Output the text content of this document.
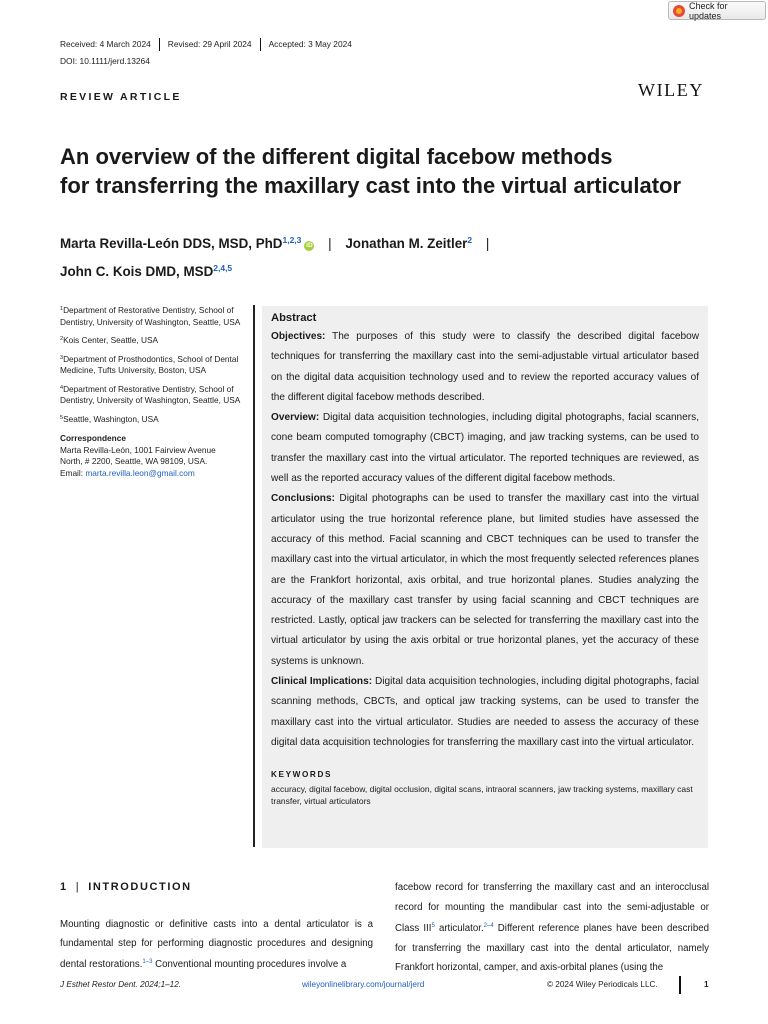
Check for updates
Received: 4 March 2024	Revised: 29 April 2024	Accepted: 3 May 2024
DOI: 10.1111/jerd.13264
REVIEW ARTICLE	WILEY
An overview of the different digital facebow methods
for transferring the maxillary cast into the virtual articulator
Marta Revilla-León DDS, MSD, PhD$^{1,2,3}$iD | Jonathan M. Zeitler$^2$ |
John C. Kois DMD, MSD$^{2,4,5}$

$^1$Department of Restorative Dentistry, School of Dentistry, University of Washington, Seattle, USA

$^2$Kois Center, Seattle, USA

$^3$Department of Prosthodontics, School of Dental Medicine, Tufts University, Boston, USA

$^4$Department of Restorative Dentistry, School of Dentistry, University of Washington, Seattle, USA

$^5$Seattle, Washington, USA

Correspondence
Marta Revilla-León, 1001 Fairview Avenue
North, # 2200, Seattle, WA 98109, USA.
Email: marta.revilla.leon@gmail.com
Abstract

Objectives: The purposes of this study were to classify the described digital facebow techniques for transferring the maxillary cast into the semi-adjustable virtual articulator based on the digital data acquisition technology used and to review the reported accuracy values of the different digital facebow methods described.

Overview: Digital data acquisition technologies, including digital photographs, facial scanners, cone beam computed tomography (CBCT) imaging, and jaw tracking systems, can be used to transfer the maxillary cast into the virtual articulator. The reported techniques are reviewed, as well as the reported accuracy values of the different digital facebow methods.

Conclusions: Digital photographs can be used to transfer the maxillary cast into the virtual articulator using the true horizontal reference plane, but limited studies have assessed the accuracy of this method. Facial scanning and CBCT techniques can be used to transfer the maxillary cast into the virtual articulator, in which the most frequently selected references planes are the Frankfort horizontal, axis orbital, and true horizontal planes. Studies analyzing the accuracy of the maxillary cast transfer by using facial scanning and CBCT techniques are restricted. Lastly, optical jaw trackers can be selected for transferring the maxillary cast into the virtual articulator by using the axis orbital or true horizontal planes, yet the accuracy of these systems is unknown.

Clinical Implications: Digital data acquisition technologies, including digital photographs, facial scanning methods, CBCTs, and optical jaw tracking systems, can be used to transfer the maxillary cast into the virtual articulator. Studies are needed to assess the accuracy of these digital data acquisition technologies for transferring the maxillary cast into the virtual articulator.

KEYWORDS
accuracy, digital facebow, digital occlusion, digital scans, intraoral scanners, jaw tracking systems, maxillary cast transfer, virtual articulators
1 | INTRODUCTION
Mounting diagnostic or definitive casts into a dental articulator is a fundamental step for performing diagnostic procedures and designing dental restorations.$^{1-3}$ Conventional mounting procedures involve a
facebow record for transferring the maxillary cast and an interocclusal record for mounting the mandibular cast into the semi-adjustable or Class III$^5$ articulator.$^{2-4}$ Different reference planes have been described for transferring the maxillary cast into the dental articulator, namely Frankfort horizontal, camper, and axis-orbital planes (using the
J Esthet Restor Dent. 2024;1–12.	wileyonlinelibrary.com/journal/jerd	© 2024 Wiley Periodicals LLC.	1
